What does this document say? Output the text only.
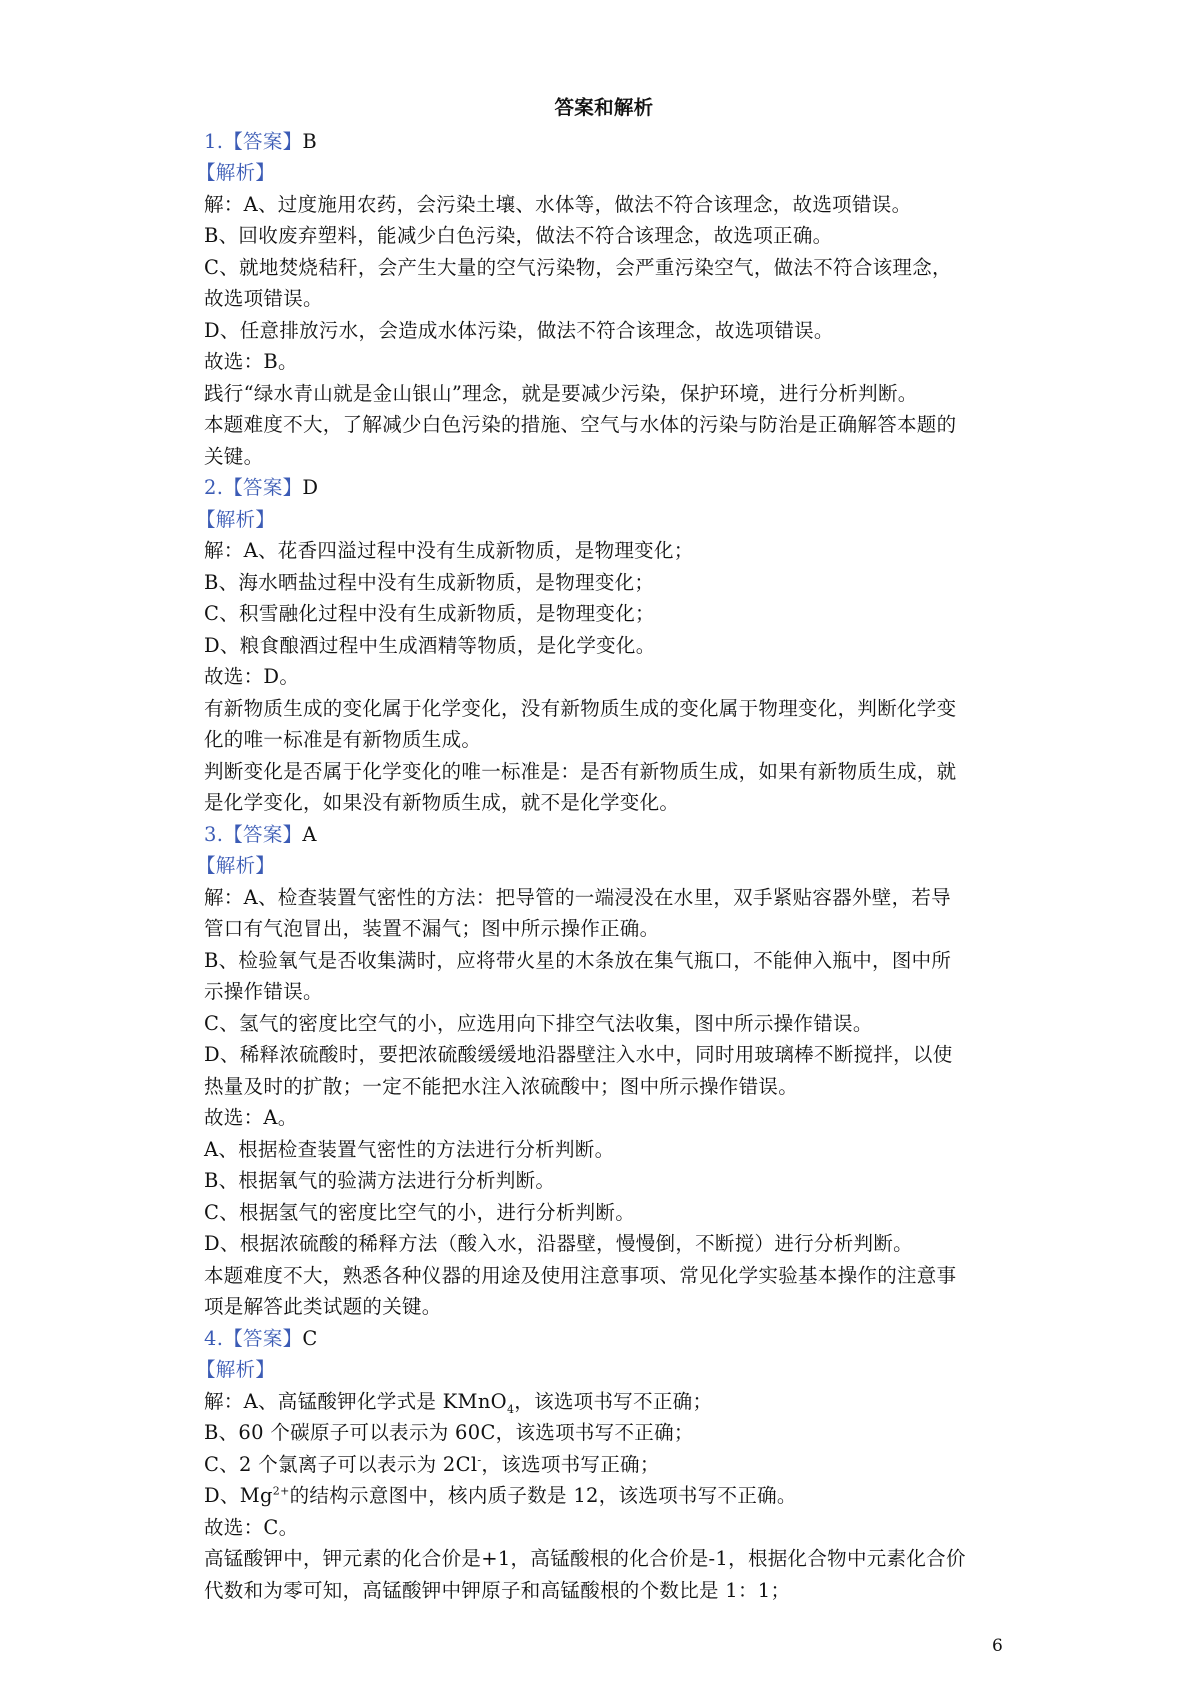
答案和解析
1.【答案】B
【解析】
解：A、过度施用农药，会污染土壤、水体等，做法不符合该理念，故选项错误。
B、回收废弃塑料，能减少白色污染，做法不符合该理念，故选项正确。
C、就地焚烧秸秆，会产生大量的空气污染物，会严重污染空气，做法不符合该理念，
故选项错误。
D、任意排放污水，会造成水体污染，做法不符合该理念，故选项错误。
故选：B。
践行“绿水青山就是金山银山”理念，就是要减少污染，保护环境，进行分析判断。
本题难度不大，了解减少白色污染的措施、空气与水体的污染与防治是正确解答本题的
关键。
2.【答案】D
【解析】
解：A、花香四溢过程中没有生成新物质，是物理变化；
B、海水晒盐过程中没有生成新物质，是物理变化；
C、积雪融化过程中没有生成新物质，是物理变化；
D、粮食酿酒过程中生成酒精等物质，是化学变化。
故选：D。
有新物质生成的变化属于化学变化，没有新物质生成的变化属于物理变化，判断化学变
化的唯一标准是有新物质生成。
判断变化是否属于化学变化的唯一标准是：是否有新物质生成，如果有新物质生成，就
是化学变化，如果没有新物质生成，就不是化学变化。
3.【答案】A
【解析】
解：A、检查装置气密性的方法：把导管的一端浸没在水里，双手紧贴容器外壁，若导
管口有气泡冒出，装置不漏气；图中所示操作正确。
B、检验氧气是否收集满时，应将带火星的木条放在集气瓶口，不能伸入瓶中，图中所
示操作错误。
C、氢气的密度比空气的小，应选用向下排空气法收集，图中所示操作错误。
D、稀释浓硫酸时，要把浓硫酸缓缓地沿器壁注入水中，同时用玻璃棒不断搅拌，以使
热量及时的扩散；一定不能把水注入浓硫酸中；图中所示操作错误。
故选：A。
A、根据检查装置气密性的方法进行分析判断。
B、根据氧气的验满方法进行分析判断。
C、根据氢气的密度比空气的小，进行分析判断。
D、根据浓硫酸的稀释方法（酸入水，沿器壁，慢慢倒，不断搅）进行分析判断。
本题难度不大，熟悉各种仪器的用途及使用注意事项、常见化学实验基本操作的注意事
项是解答此类试题的关键。
4.【答案】C
【解析】
解：A、高锰酸钾化学式是 KMnO$_4$，该选项书写不正确；
B、60 个碳原子可以表示为 60C，该选项书写不正确；
C、2 个氯离子可以表示为 2Cl-，该选项书写正确；
D、$Mg^{2+}$的结构示意图中，核内质子数是 12，该选项书写不正确。
故选：C。
高锰酸钾中，钾元素的化合价是+1，高锰酸根的化合价是-1，根据化合物中元素化合价
代数和为零可知，高锰酸钾中钾原子和高锰酸根的个数比是 1：1；
6
